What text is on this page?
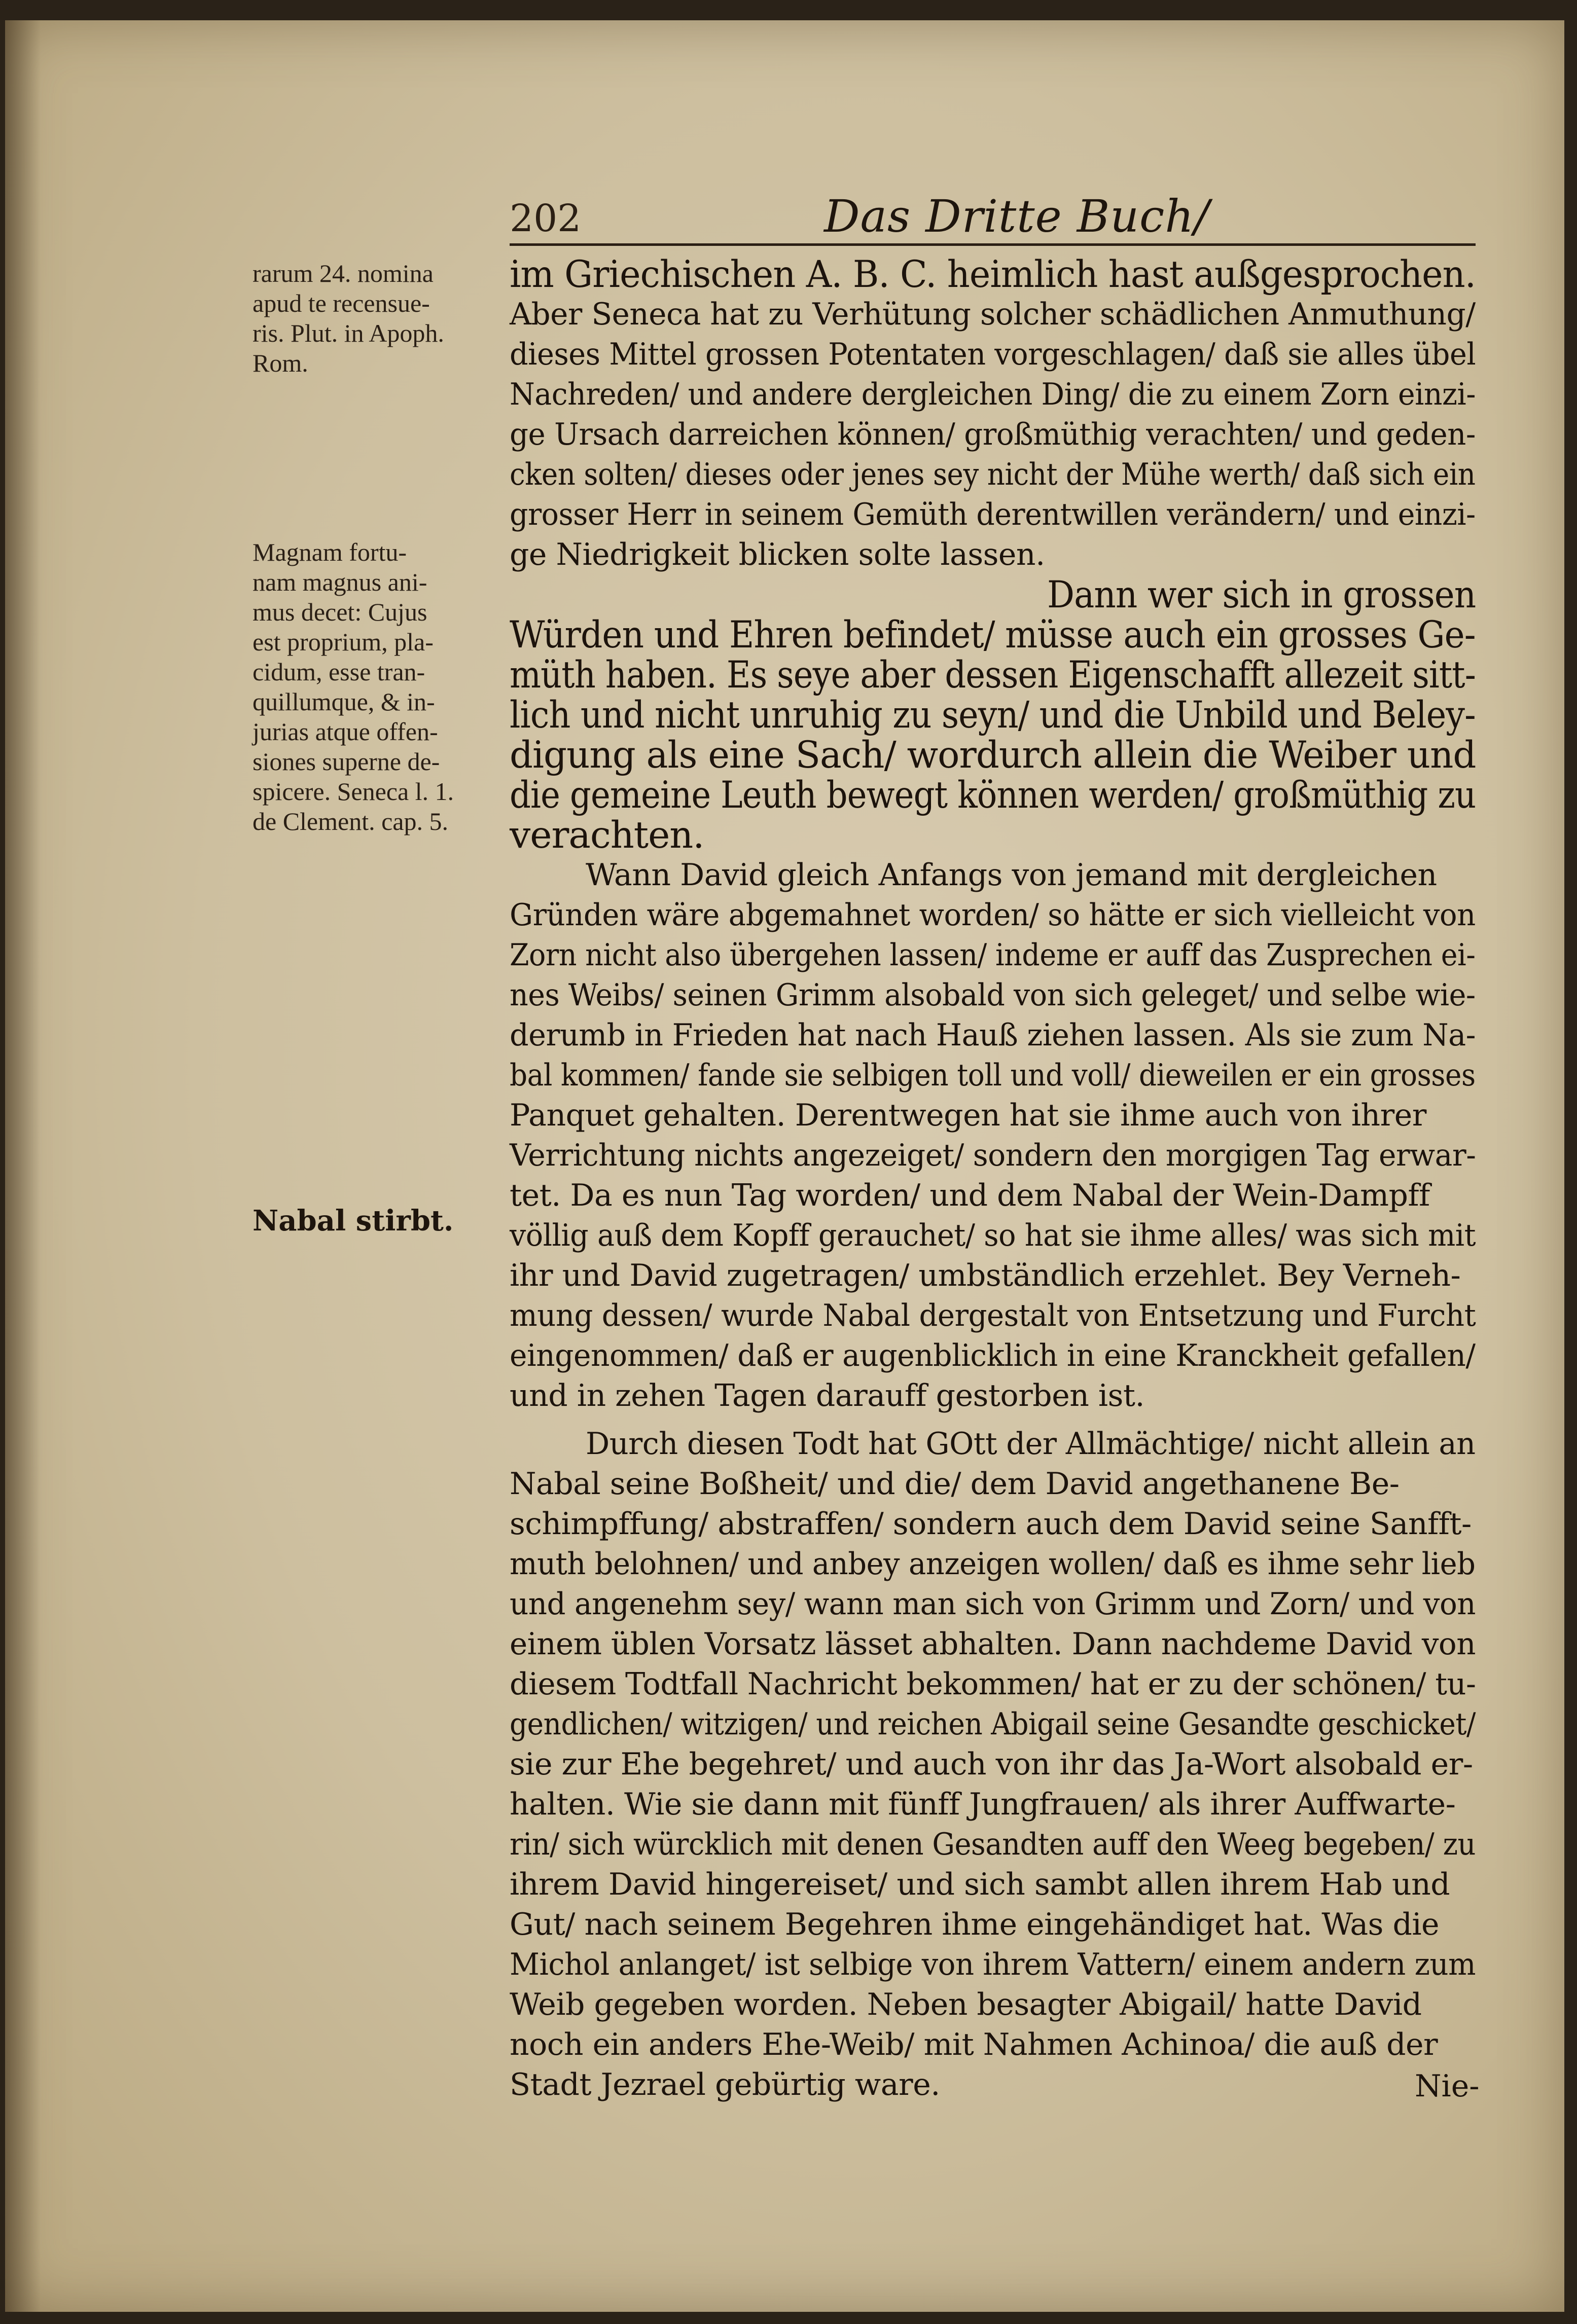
202	Das Dritte Buch/
rarum 24. nomina
apud te recensue-
ris. Plut. in Apoph.
Rom.
Magnam fortu-
nam magnus ani-
mus decet: Cujus
est proprium, pla-
cidum, esse tran-
quillumque, & in-
jurias atque offen-
siones superne de-
spicere. Seneca l. 1.
de Clement. cap. 5.
Nabal stirbt.
im Griechischen A. B. C. heimlich hast außgesprochen.
Aber Seneca hat zu Verhütung solcher schädlichen Anmuthung/
dieses Mittel grossen Potentaten vorgeschlagen/ daß sie alles übel
Nachreden/ und andere dergleichen Ding/ die zu einem Zorn einzi-
ge Ursach darreichen können/ großmüthig verachten/ und geden-
cken solten/ dieses oder jenes sey nicht der Mühe werth/ daß sich ein
grosser Herr in seinem Gemüth derentwillen verändern/ und einzi-
ge Niedrigkeit blicken solte lassen.
Dann wer sich in grossen
Würden und Ehren befindet/ müsse auch ein grosses Ge-
müth haben. Es seye aber dessen Eigenschafft allezeit sitt-
lich und nicht unruhig zu seyn/ und die Unbild und Beley-
digung als eine Sach/ wordurch allein die Weiber und
die gemeine Leuth bewegt können werden/ großmüthig zu
verachten.
Wann David gleich Anfangs von jemand mit dergleichen
Gründen wäre abgemahnet worden/ so hätte er sich vielleicht von
Zorn nicht also übergehen lassen/ indeme er auff das Zusprechen ei-
nes Weibs/ seinen Grimm alsobald von sich geleget/ und selbe wie-
derumb in Frieden hat nach Hauß ziehen lassen. Als sie zum Na-
bal kommen/ fande sie selbigen toll und voll/ dieweilen er ein grosses
Panquet gehalten. Derentwegen hat sie ihme auch von ihrer
Verrichtung nichts angezeiget/ sondern den morgigen Tag erwar-
tet. Da es nun Tag worden/ und dem Nabal der Wein-Dampff
völlig auß dem Kopff gerauchet/ so hat sie ihme alles/ was sich mit
ihr und David zugetragen/ umbständlich erzehlet. Bey Verneh-
mung dessen/ wurde Nabal dergestalt von Entsetzung und Furcht
eingenommen/ daß er augenblicklich in eine Kranckheit gefallen/
und in zehen Tagen darauff gestorben ist.
Durch diesen Todt hat GOtt der Allmächtige/ nicht allein an
Nabal seine Boßheit/ und die/ dem David angethanene Be-
schimpffung/ abstraffen/ sondern auch dem David seine Sanfft-
muth belohnen/ und anbey anzeigen wollen/ daß es ihme sehr lieb
und angenehm sey/ wann man sich von Grimm und Zorn/ und von
einem üblen Vorsatz lässet abhalten. Dann nachdeme David von
diesem Todtfall Nachricht bekommen/ hat er zu der schönen/ tu-
gendlichen/ witzigen/ und reichen Abigail seine Gesandte geschicket/
sie zur Ehe begehret/ und auch von ihr das Ja-Wort alsobald er-
halten. Wie sie dann mit fünff Jungfrauen/ als ihrer Auffwarte-
rin/ sich würcklich mit denen Gesandten auff den Weeg begeben/ zu
ihrem David hingereiset/ und sich sambt allen ihrem Hab und
Gut/ nach seinem Begehren ihme eingehändiget hat. Was die
Michol anlanget/ ist selbige von ihrem Vattern/ einem andern zum
Weib gegeben worden. Neben besagter Abigail/ hatte David
noch ein anders Ehe-Weib/ mit Nahmen Achinoa/ die auß der
Stadt Jezrael gebürtig ware.	Nie-
